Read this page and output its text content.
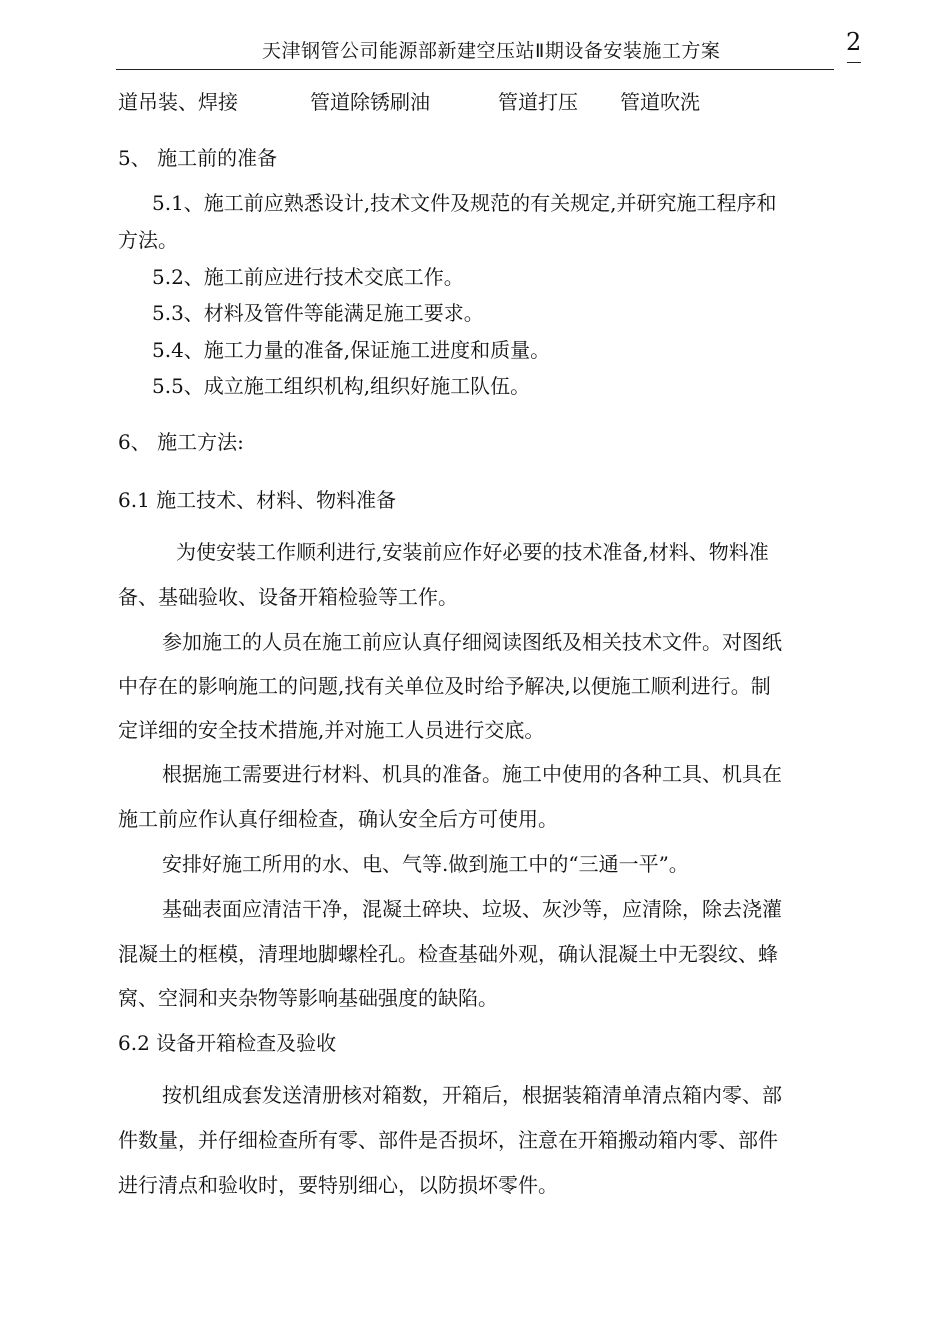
天津钢管公司能源部新建空压站Ⅱ期设备安装施工方案	2
道吊装、焊接	管道除锈刷油	管道打压 管道吹洗
5、 施工前的准备
5.1、施工前应熟悉设计,技术文件及规范的有关规定,并研究施工程序和
方法。
5.2、施工前应进行技术交底工作。
5.3、材料及管件等能满足施工要求。
5.4、施工力量的准备,保证施工进度和质量。
5.5、成立施工组织机构,组织好施工队伍。
6、 施工方法:
6.1 施工技术、材料、物料准备
为使安装工作顺利进行,安装前应作好必要的技术准备,材料、物料准
备、基础验收、设备开箱检验等工作。
参加施工的人员在施工前应认真仔细阅读图纸及相关技术文件。对图纸
中存在的影响施工的问题,找有关单位及时给予解决,以便施工顺利进行。制
定详细的安全技术措施,并对施工人员进行交底。
根据施工需要进行材料、机具的准备。施工中使用的各种工具、机具在
施工前应作认真仔细检查，确认安全后方可使用。
安排好施工所用的水、电、气等.做到施工中的“三通一平”。
基础表面应清洁干净，混凝土碎块、垃圾、灰沙等，应清除，除去浇灌
混凝土的框模，清理地脚螺栓孔。检查基础外观，确认混凝土中无裂纹、蜂
窝、空洞和夹杂物等影响基础强度的缺陷。
6.2 设备开箱检查及验收
按机组成套发送清册核对箱数，开箱后，根据装箱清单清点箱内零、部
件数量，并仔细检查所有零、部件是否损坏，注意在开箱搬动箱内零、部件
进行清点和验收时，要特别细心，以防损坏零件。
